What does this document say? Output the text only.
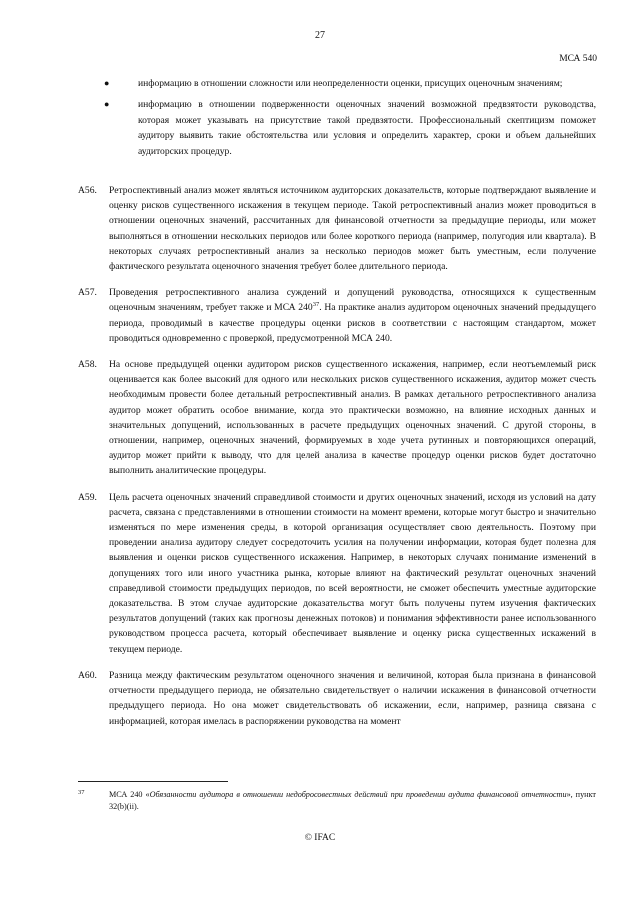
27
МСА 540
●	информацию в отношении сложности или неопределенности оценки, присущих оценочным значениям;
●	информацию в отношении подверженности оценочных значений возможной предвзятости руководства, которая может указывать на присутствие такой предвзятости. Профессиональный скептицизм поможет аудитору выявить такие обстоятельства или условия и определить характер, сроки и объем дальнейших аудиторских процедур.
A56. Ретроспективный анализ может являться источником аудиторских доказательств, которые подтверждают выявление и оценку рисков существенного искажения в текущем периоде. Такой ретроспективный анализ может проводиться в отношении оценочных значений, рассчитанных для финансовой отчетности за предыдущие периоды, или может выполняться в отношении нескольких периодов или более короткого периода (например, полугодия или квартала). В некоторых случаях ретроспективный анализ за несколько периодов может быть уместным, если получение фактического результата оценочного значения требует более длительного периода.
A57. Проведения ретроспективного анализа суждений и допущений руководства, относящихся к существенным оценочным значениям, требует также и МСА 240$^{37}$. На практике анализ аудитором оценочных значений предыдущего периода, проводимый в качестве процедуры оценки рисков в соответствии с настоящим стандартом, может проводиться одновременно с проверкой, предусмотренной МСА 240.
A58. На основе предыдущей оценки аудитором рисков существенного искажения, например, если неотъемлемый риск оценивается как более высокий для одного или нескольких рисков существенного искажения, аудитор может счесть необходимым провести более детальный ретроспективный анализ. В рамках детального ретроспективного анализа аудитор может обратить особое внимание, когда это практически возможно, на влияние исходных данных и значительных допущений, использованных в расчете предыдущих оценочных значений. С другой стороны, в отношении, например, оценочных значений, формируемых в ходе учета рутинных и повторяющихся операций, аудитор может прийти к выводу, что для целей анализа в качестве процедур оценки рисков будет достаточно выполнить аналитические процедуры.
A59. Цель расчета оценочных значений справедливой стоимости и других оценочных значений, исходя из условий на дату расчета, связана с представлениями в отношении стоимости на момент времени, которые могут быстро и значительно изменяться по мере изменения среды, в которой организация осуществляет свою деятельность. Поэтому при проведении анализа аудитору следует сосредоточить усилия на получении информации, которая будет полезна для выявления и оценки рисков существенного искажения. Например, в некоторых случаях понимание изменений в допущениях того или иного участника рынка, которые влияют на фактический результат оценочных значений справедливой стоимости предыдущих периодов, по всей вероятности, не сможет обеспечить уместные аудиторские доказательства. В этом случае аудиторские доказательства могут быть получены путем изучения фактических результатов допущений (таких как прогнозы денежных потоков) и понимания эффективности ранее использованного руководством процесса расчета, который обеспечивает выявление и оценку риска существенных искажений в текущем периоде.
A60. Разница между фактическим результатом оценочного значения и величиной, которая была признана в финансовой отчетности предыдущего периода, не обязательно свидетельствует о наличии искажения в финансовой отчетности предыдущего периода. Но она может свидетельствовать об искажении, если, например, разница связана с информацией, которая имелась в распоряжении руководства на момент
37	МСА 240 «Обязанности аудитора в отношении недобросовестных действий при проведении аудита финансовой отчетности», пункт 32(b)(ii).
© IFAC
